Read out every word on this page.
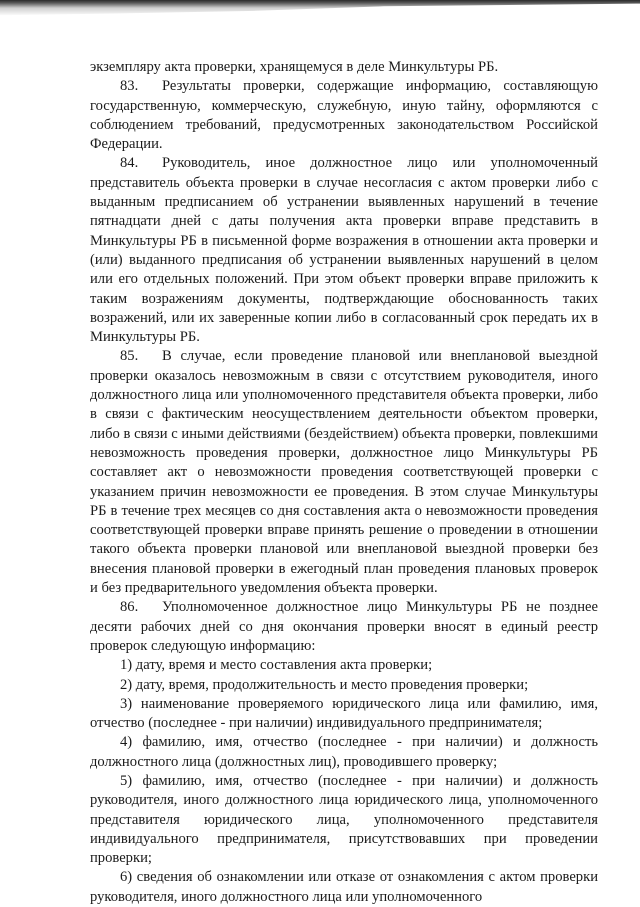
экземпляру акта проверки, хранящемуся в деле Минкультуры РБ.

83. Результаты проверки, содержащие информацию, составляющую государственную, коммерческую, служебную, иную тайну, оформляются с соблюдением требований, предусмотренных законодательством Российской Федерации.

84. Руководитель, иное должностное лицо или уполномоченный представитель объекта проверки в случае несогласия с актом проверки либо с выданным предписанием об устранении выявленных нарушений в течение пятнадцати дней с даты получения акта проверки вправе представить в Минкультуры РБ в письменной форме возражения в отношении акта проверки и (или) выданного предписания об устранении выявленных нарушений в целом или его отдельных положений. При этом объект проверки вправе приложить к таким возражениям документы, подтверждающие обоснованность таких возражений, или их заверенные копии либо в согласованный срок передать их в Минкультуры РБ.

85. В случае, если проведение плановой или внеплановой выездной проверки оказалось невозможным в связи с отсутствием руководителя, иного должностного лица или уполномоченного представителя объекта проверки, либо в связи с фактическим неосуществлением деятельности объектом проверки, либо в связи с иными действиями (бездействием) объекта проверки, повлекшими невозможность проведения проверки, должностное лицо Минкультуры РБ составляет акт о невозможности проведения соответствующей проверки с указанием причин невозможности ее проведения. В этом случае Минкультуры РБ в течение трех месяцев со дня составления акта о невозможности проведения соответствующей проверки вправе принять решение о проведении в отношении такого объекта проверки плановой или внеплановой выездной проверки без внесения плановой проверки в ежегодный план проведения плановых проверок и без предварительного уведомления объекта проверки.

86. Уполномоченное должностное лицо Минкультуры РБ не позднее десяти рабочих дней со дня окончания проверки вносят в единый реестр проверок следующую информацию:

1) дату, время и место составления акта проверки;

2) дату, время, продолжительность и место проведения проверки;

3) наименование проверяемого юридического лица или фамилию, имя, отчество (последнее - при наличии) индивидуального предпринимателя;

4) фамилию, имя, отчество (последнее - при наличии) и должность должностного лица (должностных лиц), проводившего проверку;

5) фамилию, имя, отчество (последнее - при наличии) и должность руководителя, иного должностного лица юридического лица, уполномоченного представителя юридического лица, уполномоченного представителя индивидуального предпринимателя, присутствовавших при проведении проверки;

6) сведения об ознакомлении или отказе от ознакомления с актом проверки руководителя, иного должностного лица или уполномоченного
